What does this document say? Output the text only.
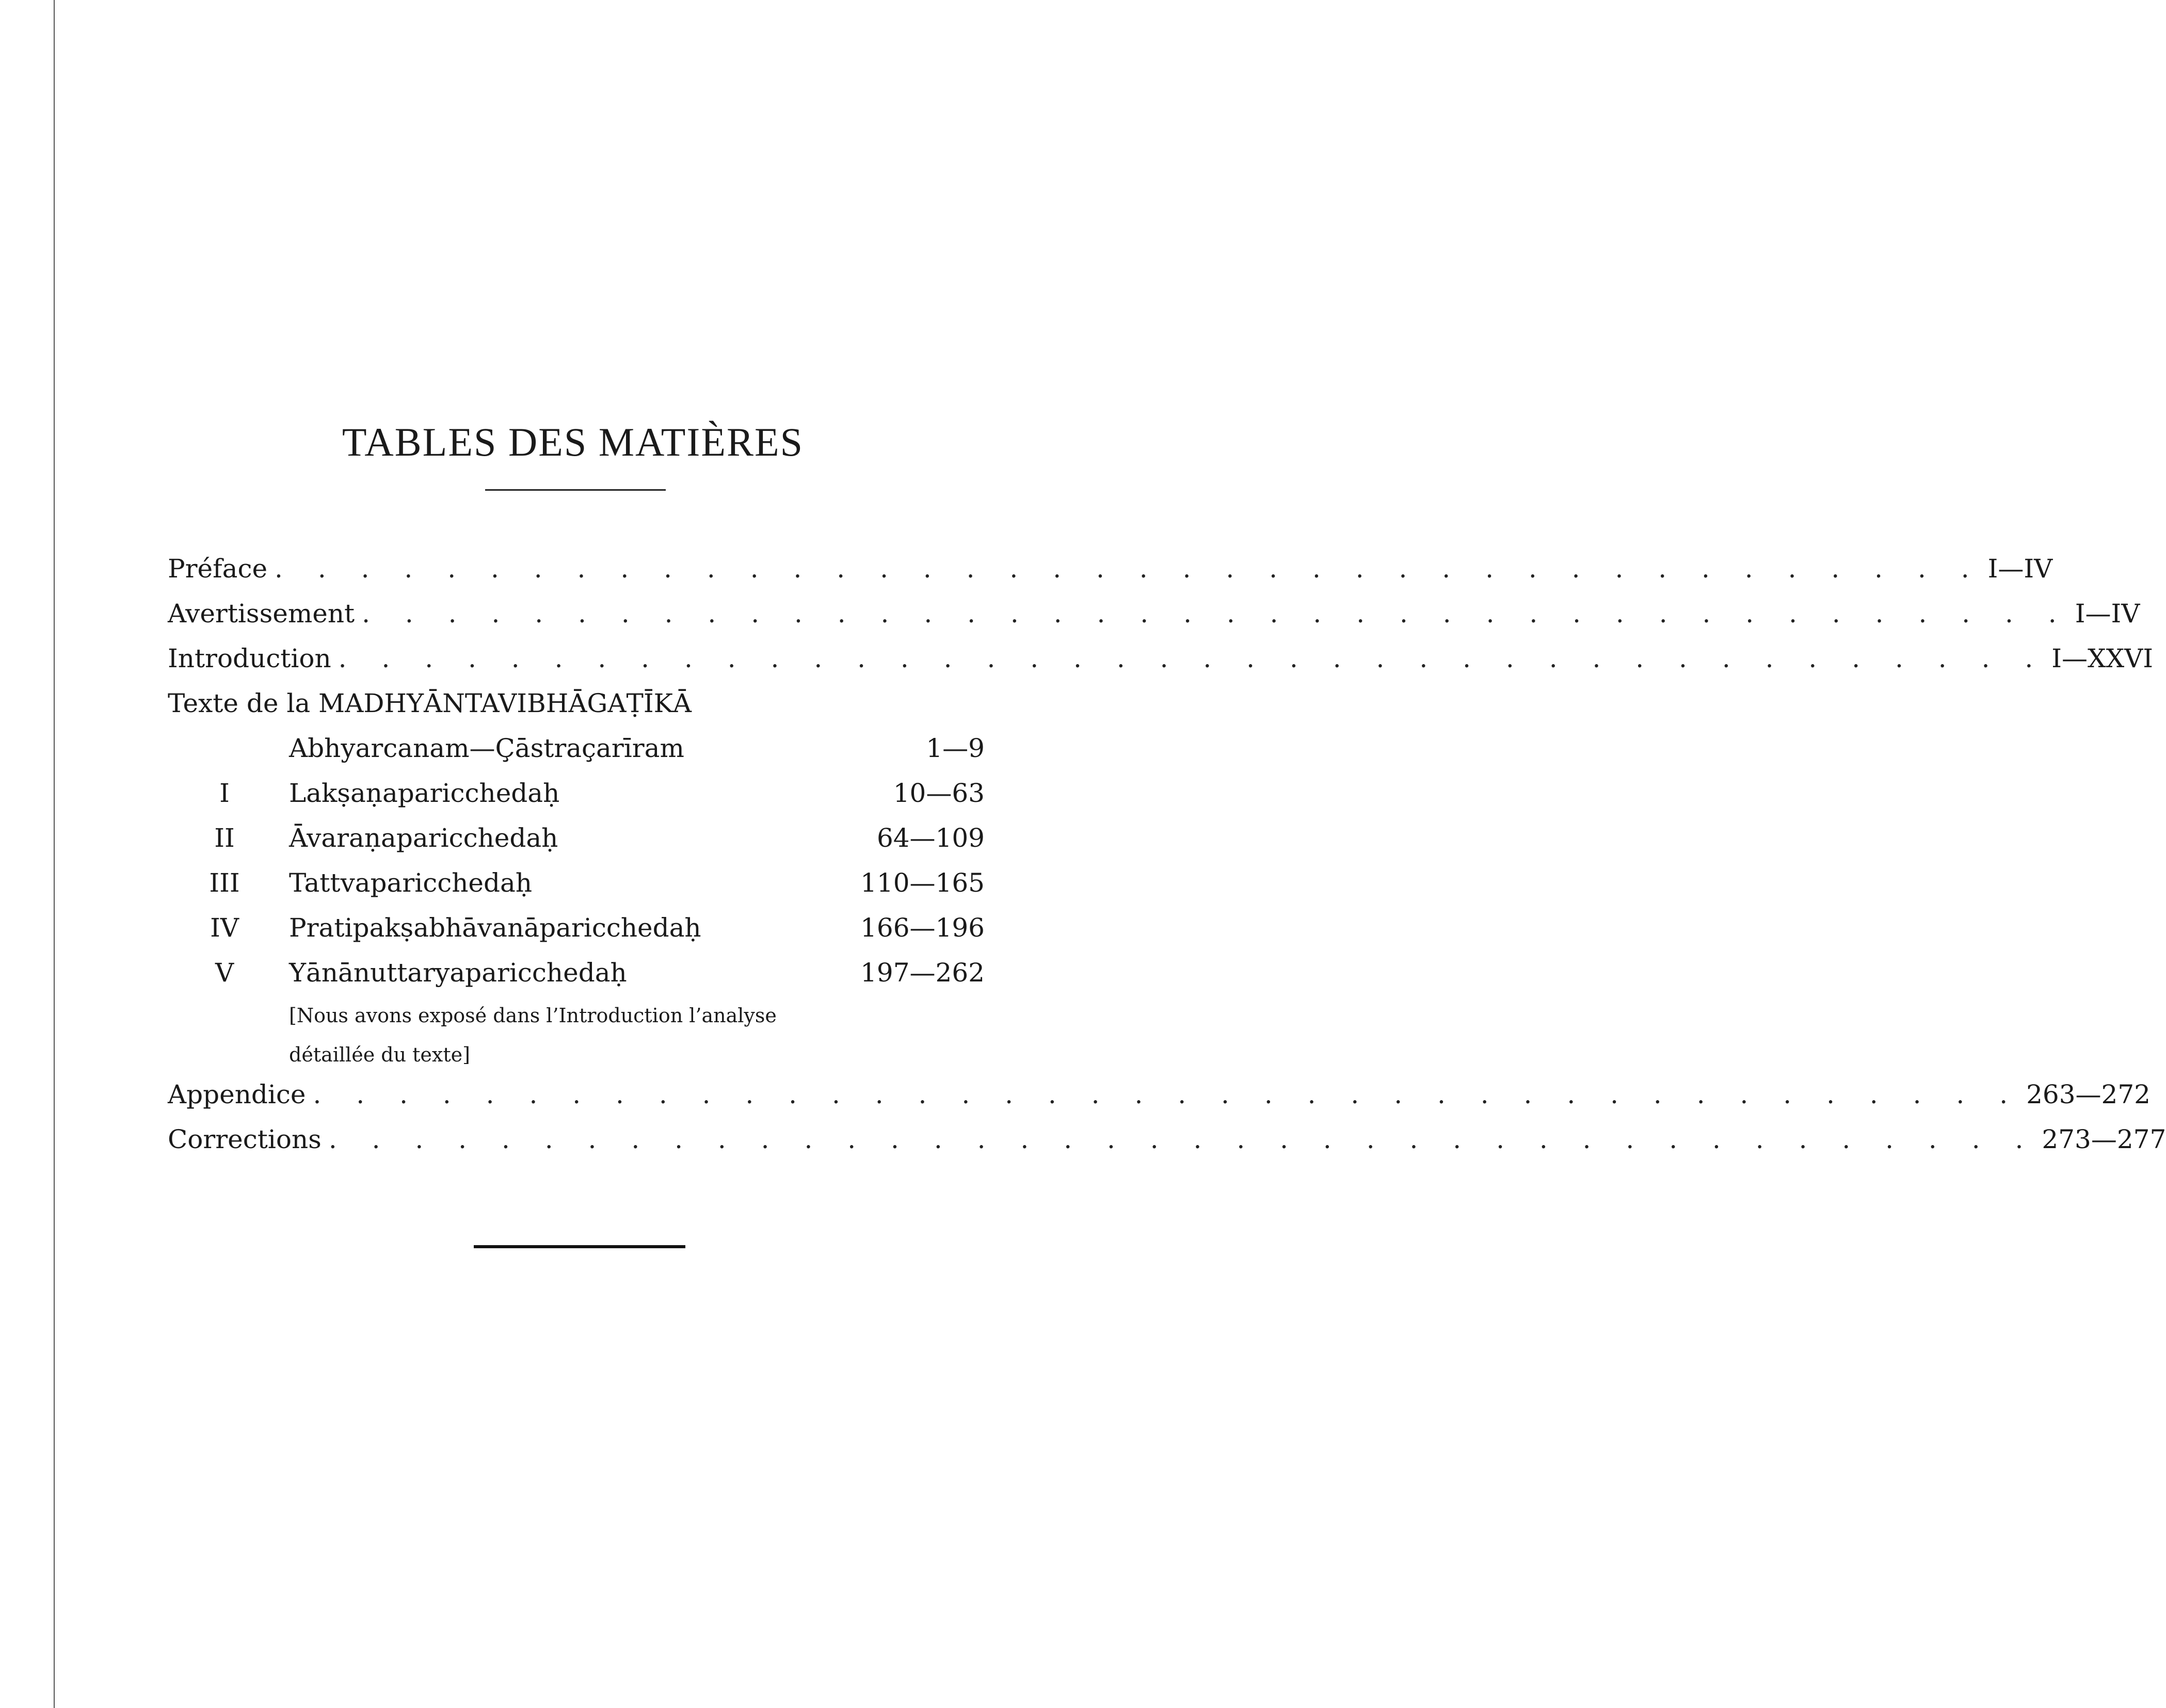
TABLES DES MATIÈRES
Préface . . . . . . . . . . . . . . . . . . . . . . . . . . . . . . . . . . . . . . . . I—IV
Avertissement . . . . . . . . . . . . . . . . . . . . . . . . . . . . . . . . . . . . . . . . I—IV
Introduction . . . . . . . . . . . . . . . . . . . . . . . . . . . . . . . . . . . . . . . . I—XXVI
Texte de la MADHYĀNTAVIBHĀGAṬĪKĀ
Abhyarcanam—Çāstraçarīram	1—9
I	Lakṣaṇaparicchedaḥ	10—63
II	Āvaraṇaparicchedaḥ	64—109
III	Tattvaparicchedaḥ	110—165
IV	Pratipakṣabhāvanāparicchedaḥ	166—196
V	Yānānuttaryaparicchedaḥ	197—262
[Nous avons exposé dans l’Introduction l’analyse
détaillée du texte]
Appendice . . . . . . . . . . . . . . . . . . . . . . . . . . . . . . . . . . . . . . . . 263—272
Corrections . . . . . . . . . . . . . . . . . . . . . . . . . . . . . . . . . . . . . . . . 273—277
